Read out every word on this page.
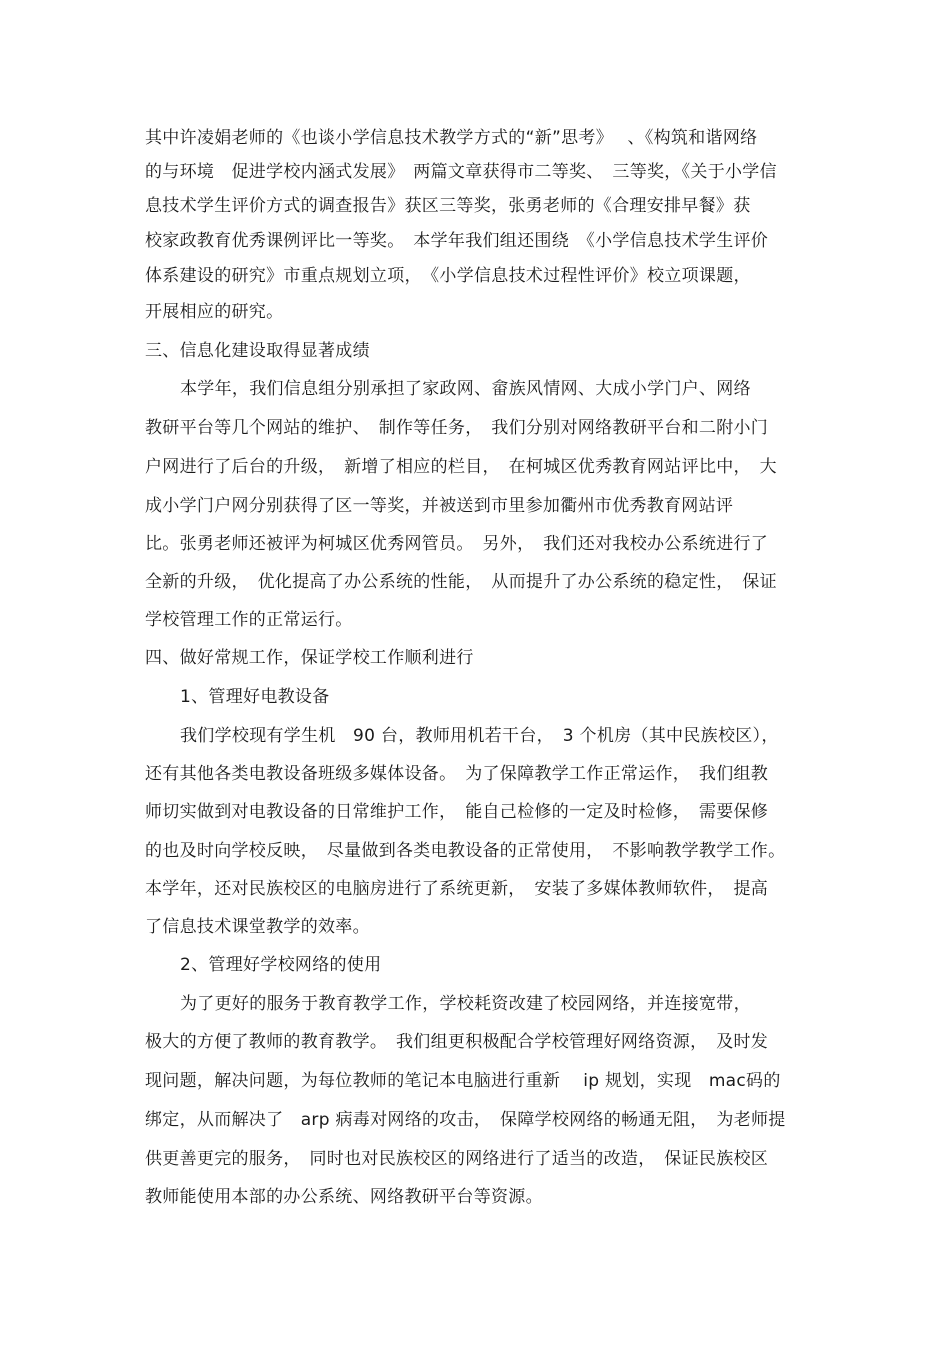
其中许凌娟老师的《也谈小学信息技术教学方式的“新”思考》　 、《构筑和谐网络
的与环境　促进学校内涵式发展》　两篇文章获得市二等奖、　三等奖，《关于小学信
息技术学生评价方式的调查报告》获区三等奖，张勇老师的《合理安排早餐》获
校家政教育优秀课例评比一等奖。　本学年我们组还围绕　《小学信息技术学生评价
体系建设的研究》市重点规划立项，　《小学信息技术过程性评价》校立项课题，
开展相应的研究。
三、信息化建设取得显著成绩
本学年，我们信息组分别承担了家政网、畲族风情网、大成小学门户、网络
教研平台等几个网站的维护、　制作等任务，　我们分别对网络教研平台和二附小门
户网进行了后台的升级，　新增了相应的栏目，　在柯城区优秀教育网站评比中，　大
成小学门户网分别获得了区一等奖，并被送到市里参加衢州市优秀教育网站评
比。张勇老师还被评为柯城区优秀网管员。　另外，　我们还对我校办公系统进行了
全新的升级，　优化提高了办公系统的性能，　从而提升了办公系统的稳定性，　保证
学校管理工作的正常运行。
四、做好常规工作，保证学校工作顺利进行
1、管理好电教设备
我们学校现有学生机　90 台，教师用机若干台，　3 个机房（其中民族校区），
还有其他各类电教设备班级多媒体设备。　为了保障教学工作正常运作，　我们组教
师切实做到对电教设备的日常维护工作，　能自己检修的一定及时检修，　需要保修
的也及时向学校反映，　尽量做到各类电教设备的正常使用，　不影响教学教学工作。
本学年，还对民族校区的电脑房进行了系统更新，　安装了多媒体教师软件，　提高
了信息技术课堂教学的效率。
2、管理好学校网络的使用
为了更好的服务于教育教学工作，学校耗资改建了校园网络，并连接宽带，
极大的方便了教师的教育教学。　我们组更积极配合学校管理好网络资源，　及时发
现问题，解决问题，为每位教师的笔记本电脑进行重新　 ip 规划，实现　mac码的
绑定，从而解决了　arp 病毒对网络的攻击，　保障学校网络的畅通无阻，　为老师提
供更善更完的服务，　同时也对民族校区的网络进行了适当的改造，　保证民族校区
教师能使用本部的办公系统、网络教研平台等资源。
